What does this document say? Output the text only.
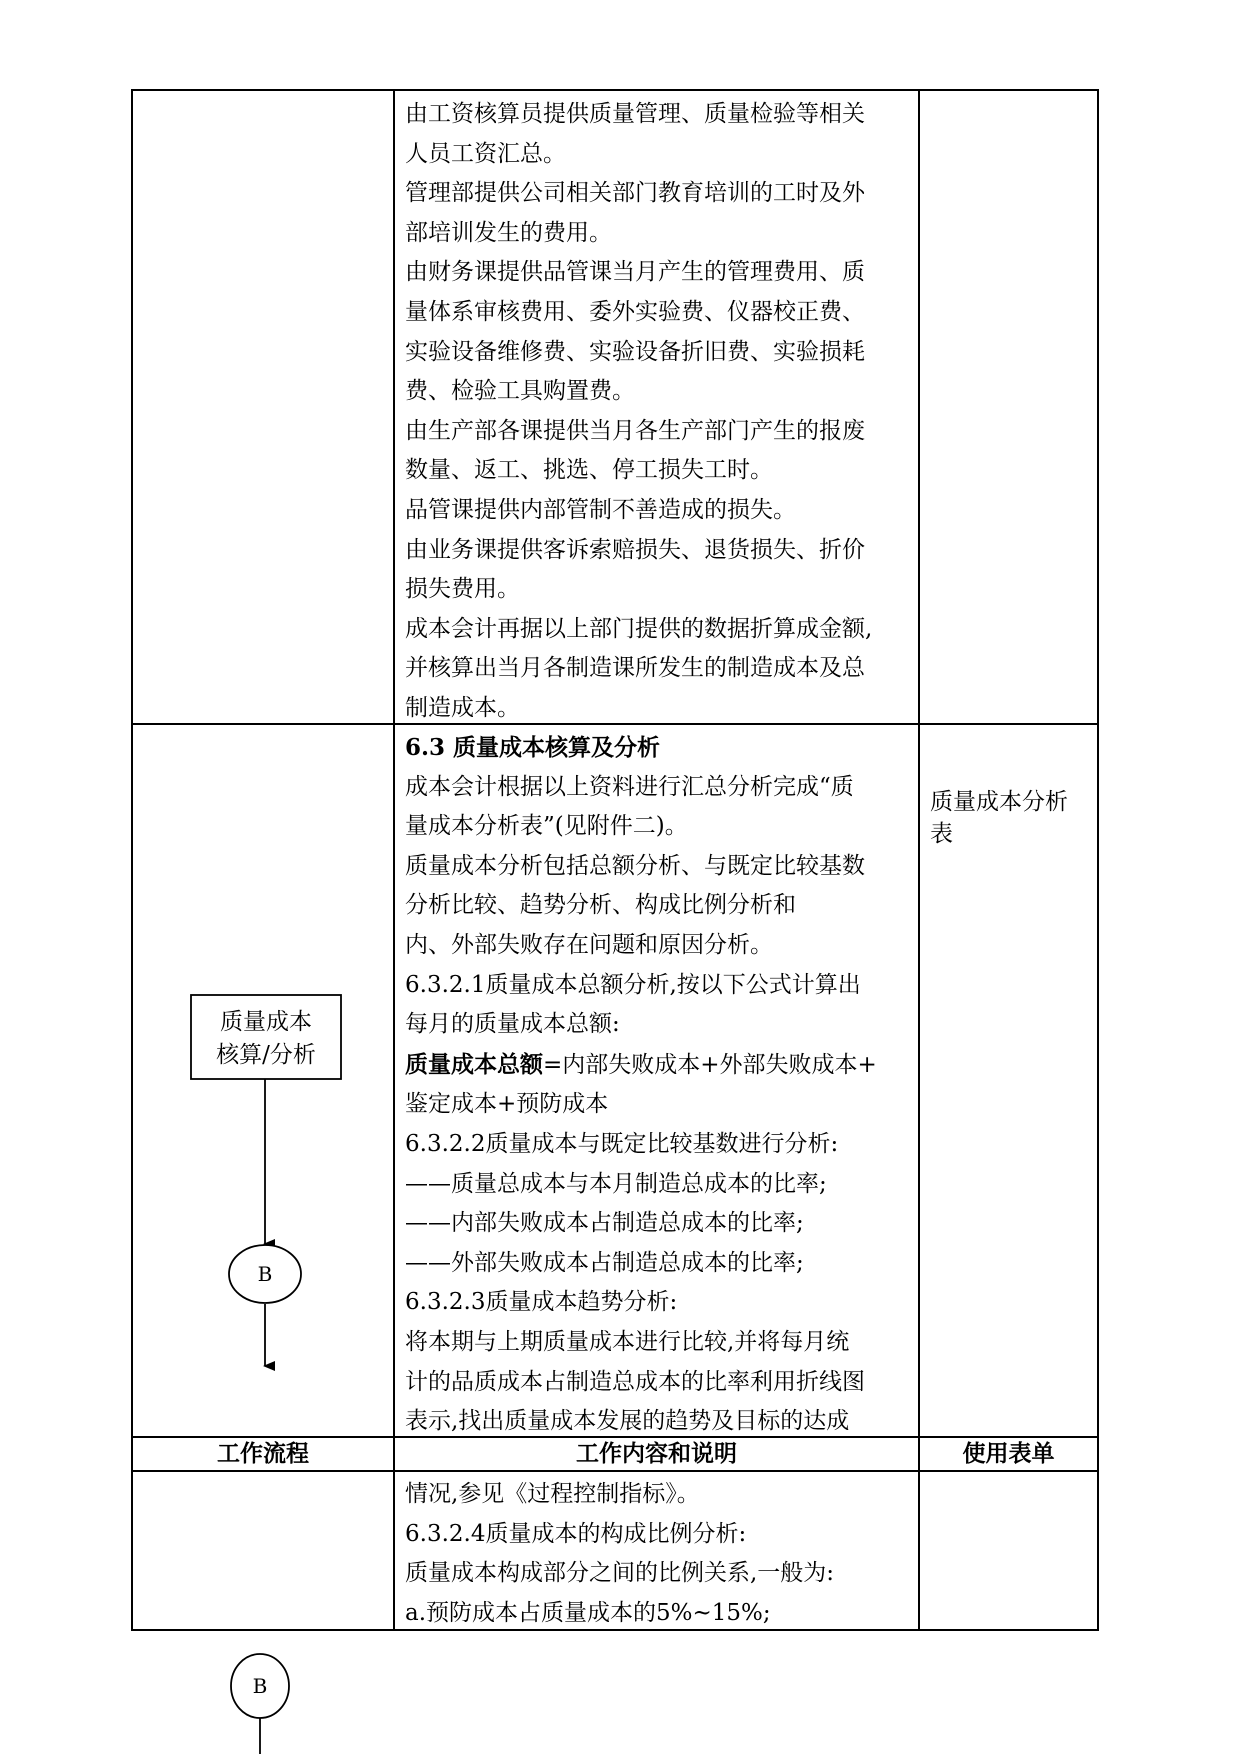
由工资核算员提供质量管理、质量检验等相关
人员工资汇总。
管理部提供公司相关部门教育培训的工时及外
部培训发生的费用。
由财务课提供品管课当月产生的管理费用、质
量体系审核费用、委外实验费、仪器校正费、
实验设备维修费、实验设备折旧费、实验损耗
费、检验工具购置费。
由生产部各课提供当月各生产部门产生的报废
数量、返工、挑选、停工损失工时。
品管课提供内部管制不善造成的损失。
由业务课提供客诉索赔损失、退货损失、折价
损失费用。
成本会计再据以上部门提供的数据折算成金额,
并核算出当月各制造课所发生的制造成本及总
制造成本。
6.3 质量成本核算及分析
成本会计根据以上资料进行汇总分析完成“质
量成本分析表”(见附件二)。
质量成本分析包括总额分析、与既定比较基数
分析比较、趋势分析、构成比例分析和
内、外部失败存在问题和原因分析。
6.3.2.1质量成本总额分析,按以下公式计算出
每月的质量成本总额:
质量成本总额=内部失败成本+外部失败成本+
鉴定成本+预防成本
6.3.2.2质量成本与既定比较基数进行分析:
——质量总成本与本月制造总成本的比率;
——内部失败成本占制造总成本的比率;
——外部失败成本占制造总成本的比率;
6.3.2.3质量成本趋势分析:
将本期与上期质量成本进行比较,并将每月统
计的品质成本占制造总成本的比率利用折线图
表示,找出质量成本发展的趋势及目标的达成
质量成本分析
表
质量成本
核算/分析
B
工作流程	工作内容和说明	使用表单
情况,参见《过程控制指标》。
6.3.2.4质量成本的构成比例分析:
质量成本构成部分之间的比例关系,一般为:
a.预防成本占质量成本的5%~15%;
B
